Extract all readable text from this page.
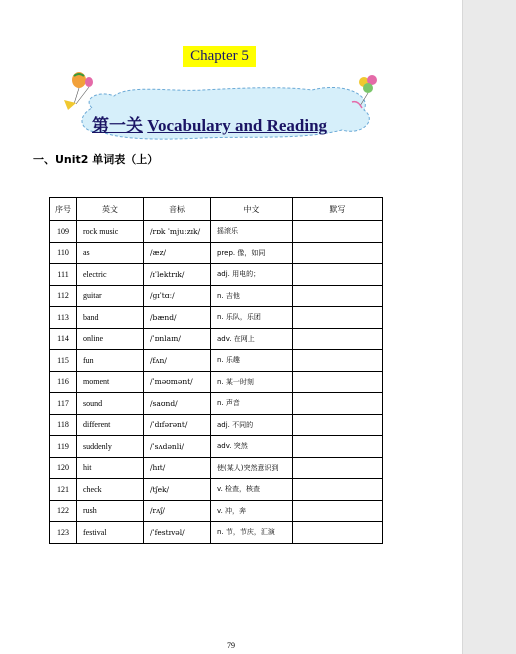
Chapter 5
第一关 Vocabulary and Reading
一、Unit2 单词表（上）
序号	英文	音标	中文	默写
109	rock music	/rɒk ˈmjuːzɪk/	摇滚乐	
110	as	/æz/	prep. 像，如同	
111	electric	/ɪˈlektrɪk/	adj. 用电的；	
112	guitar	/ɡɪˈtɑː/	n. 吉他	
113	band	/bænd/	n. 乐队，乐团	
114	online	/ˈɒnlaɪn/	adv. 在网上	
115	fun	/fʌn/	n. 乐趣	
116	moment	/ˈməʊmənt/	n. 某一时刻	
117	sound	/saʊnd/	n. 声音	
118	different	/ˈdɪfərənt/	adj. 不同的	
119	suddenly	/ˈsʌdənli/	adv. 突然	
120	hit	/hɪt/	使(某人)突然意识到	
121	check	/tʃek/	v. 检查，核查	
122	rush	/rʌʃ/	v. 冲，奔	
123	festival	/ˈfestɪvəl/	n. 节，节庆，汇演	
79
